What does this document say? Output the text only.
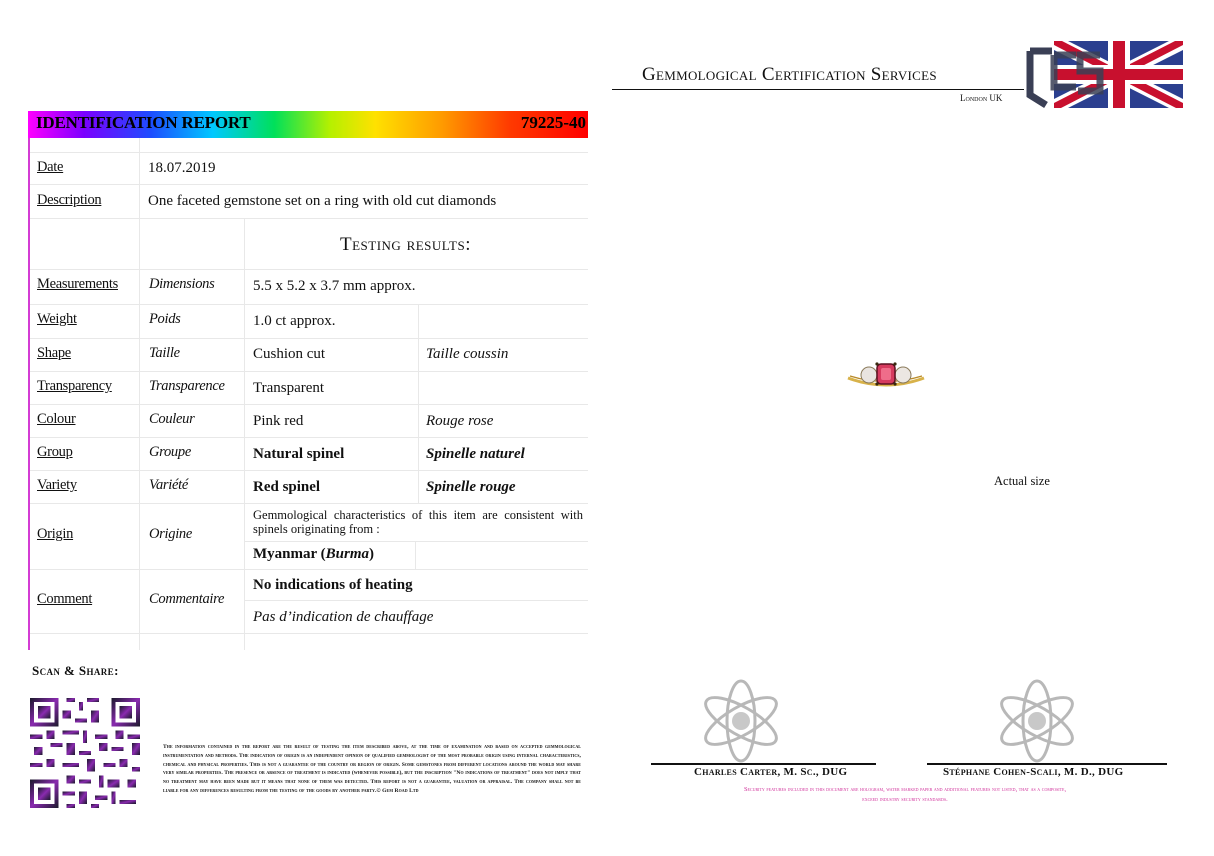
Gemmological Certification Services
London UK
IDENTIFICATION REPORT	79225-40
Date	18.07.2019
Description	One faceted gemstone set on a ring with old cut diamonds
Testing results:
Measurements Dimensions	5.5 x 5.2 x 3.7 mm approx.
Weight	Poids	1.0 ct approx.
Shape	Taille	Cushion cut	Taille coussin
Transparency	Transparence Transparent
Colour	Couleur	Pink red	Rouge rose
Group	Groupe	Natural spinel	Spinelle naturel
Variety	Variété	Red spinel	Spinelle rouge
Origin	Origine
Gemmological characteristics of this item are consistent with spinels originating from :
Myanmar (Burma)
Comment	Commentaire
No indications of heating
Pas d’indication de chauffage
Actual size
Scan & Share:
The information contained in the report are the result of testing the item described above, at the time of examination and based on accepted gemmological instrumentation and methods. The indication of origin is an independent opinion of qualified gemmologist of the most probable origin using internal characteristics, chemical and physical properties. This is not a guarantee of the country or region of origin. Some gemstones from different locations around the world may share very similar properties. The presence or absence of treatment is indicated (whenever possible), but the inscription "No indications of treatment" does not imply that no treatment may have been made but it means that none of them was detected. This report is not a guarantee, valuation or appraisal. The company shall not be liable for any differences resulting from the testing of the goods by another party.© Gem Road Ltd
Charles Carter, M. Sc., DUG	Stéphane Cohen-Scali, M. D., DUG
Security features included in this document are hologram, water marked paper and additional features not listed, that as a composite, exceed industry security standards.
